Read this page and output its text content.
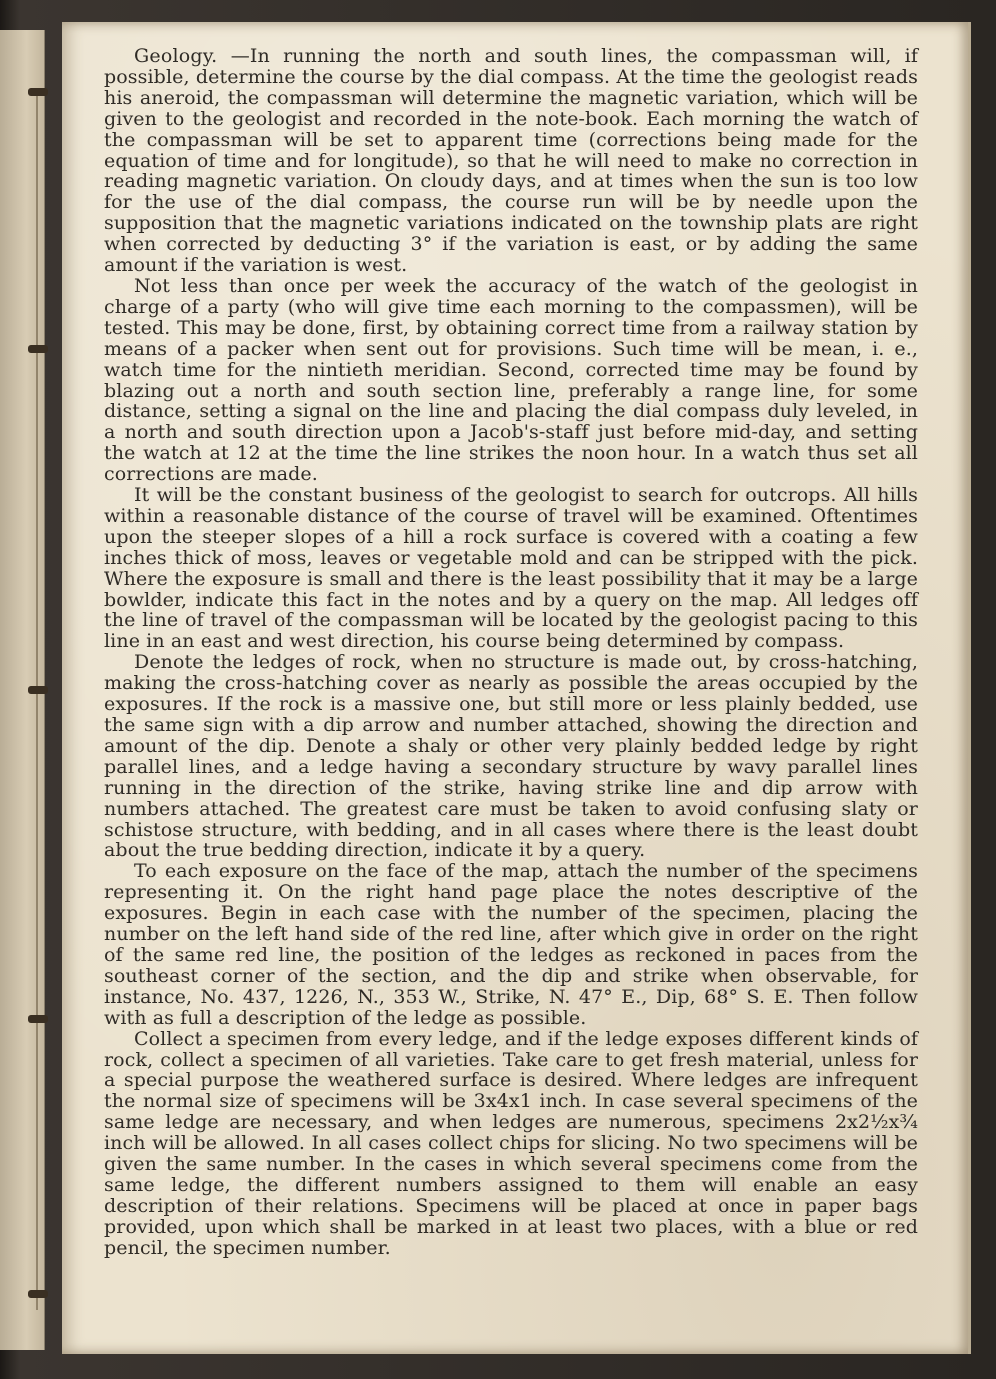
Geology. —In running the north and south lines, the compassman will, if possible, determine the course by the dial compass. At the time the geologist reads his aneroid, the compassman will determine the magnetic variation, which will be given to the geologist and recorded in the note-book. Each morning the watch of the compassman will be set to apparent time (corrections being made for the equation of time and for longitude), so that he will need to make no correction in reading magnetic variation. On cloudy days, and at times when the sun is too low for the use of the dial compass, the course run will be by needle upon the supposition that the magnetic variations indicated on the township plats are right when corrected by deducting 3° if the variation is east, or by adding the same amount if the variation is west.

Not less than once per week the accuracy of the watch of the geologist in charge of a party (who will give time each morning to the compassmen), will be tested. This may be done, first, by obtaining correct time from a railway station by means of a packer when sent out for provisions. Such time will be mean, i. e., watch time for the nintieth meridian. Second, corrected time may be found by blazing out a north and south section line, preferably a range line, for some distance, setting a signal on the line and placing the dial compass duly leveled, in a north and south direction upon a Jacob's-staff just before mid-day, and setting the watch at 12 at the time the line strikes the noon hour. In a watch thus set all corrections are made.

It will be the constant business of the geologist to search for outcrops. All hills within a reasonable distance of the course of travel will be examined. Oftentimes upon the steeper slopes of a hill a rock surface is covered with a coating a few inches thick of moss, leaves or vegetable mold and can be stripped with the pick. Where the exposure is small and there is the least possibility that it may be a large bowlder, indicate this fact in the notes and by a query on the map. All ledges off the line of travel of the compassman will be located by the geologist pacing to this line in an east and west direction, his course being determined by compass.

Denote the ledges of rock, when no structure is made out, by cross-hatching, making the cross-hatching cover as nearly as possible the areas occupied by the exposures. If the rock is a massive one, but still more or less plainly bedded, use the same sign with a dip arrow and number attached, showing the direction and amount of the dip. Denote a shaly or other very plainly bedded ledge by right parallel lines, and a ledge having a secondary structure by wavy parallel lines running in the direction of the strike, having strike line and dip arrow with numbers attached. The greatest care must be taken to avoid confusing slaty or schistose structure, with bedding, and in all cases where there is the least doubt about the true bedding direction, indicate it by a query.

To each exposure on the face of the map, attach the number of the specimens representing it. On the right hand page place the notes descriptive of the exposures. Begin in each case with the number of the specimen, placing the number on the left hand side of the red line, after which give in order on the right of the same red line, the position of the ledges as reckoned in paces from the southeast corner of the section, and the dip and strike when observable, for instance, No. 437, 1226, N., 353 W., Strike, N. 47° E., Dip, 68° S. E. Then follow with as full a description of the ledge as possible.

Collect a specimen from every ledge, and if the ledge exposes different kinds of rock, collect a specimen of all varieties. Take care to get fresh material, unless for a special purpose the weathered surface is desired. Where ledges are infrequent the normal size of specimens will be 3x4x1 inch. In case several specimens of the same ledge are necessary, and when ledges are numerous, specimens 2x2½x¾ inch will be allowed. In all cases collect chips for slicing. No two specimens will be given the same number. In the cases in which several specimens come from the same ledge, the different numbers assigned to them will enable an easy description of their relations. Specimens will be placed at once in paper bags provided, upon which shall be marked in at least two places, with a blue or red pencil, the specimen number.
